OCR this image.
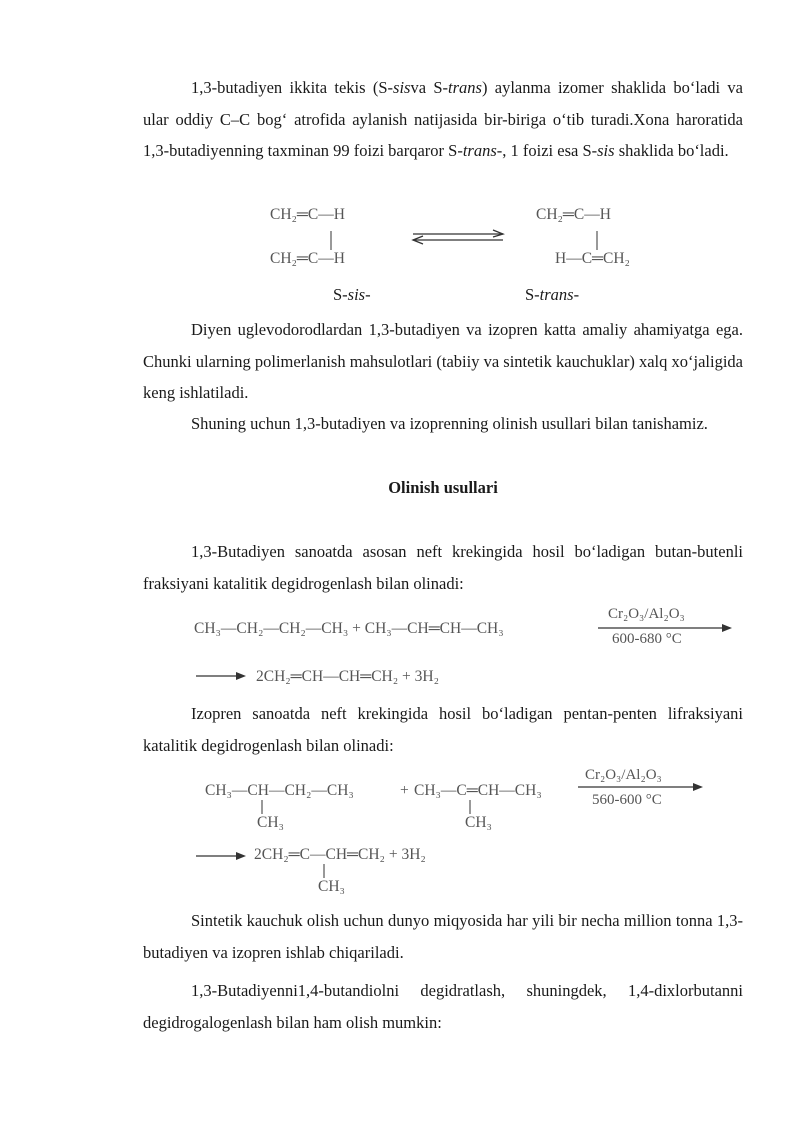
1,3-butadiyen ikkita tekis (S-sisva S-trans) aylanma izomer shaklida bo‘ladi va ular oddiy C–C bog‘ atrofida aylanish natijasida bir-biriga o‘tib turadi.Xona haroratida 1,3-butadiyenning taxminan 99 foizi barqaror S-trans-, 1 foizi esa S-sis shaklida bo‘ladi.

CH₂═C—H
CH₂═C—H
CH₂═C—H
H—C═CH₂
S-sis-	S-trans-

Diyen uglevodorodlardan 1,3-butadiyen va izopren katta amaliy ahamiyatga ega. Chunki ularning polimerlanish mahsulotlari (tabiiy va sintetik kauchuklar) xalq xo‘jaligida keng ishlatiladi.

Shuning uchun 1,3-butadiyen va izoprenning olinish usullari bilan tanishamiz.

Olinish usullari

1,3-Butadiyen sanoatda asosan neft krekingida hosil bo‘ladigan butan-butenli fraksiyani katalitik degidrogenlash bilan olinadi:

CH₃—CH₂—CH₂—CH₃ + CH₃—CH═CH—CH₃
Cr₂O₃/Al₂O₃
600-680 °C
2CH₂═CH—CH═CH₂ + 3H₂

Izopren sanoatda neft krekingida hosil bo‘ladigan pentan-penten lifraksiyani katalitik degidrogenlash bilan olinadi:

CH₃—CH—CH₂—CH₃
CH₃
+ CH₃—C═CH—CH₃
CH₃
Cr₂O₃/Al₂O₃
560-600 °C
2CH₂═C—CH═CH₂ + 3H₂
CH₃

Sintetik kauchuk olish uchun dunyo miqyosida har yili bir necha million tonna 1,3-butadiyen va izopren ishlab chiqariladi.

1,3-Butadiyenni1,4-butandiolni degidratlash, shuningdek, 1,4-dixlorbutanni degidrogalogenlash bilan ham olish mumkin:
